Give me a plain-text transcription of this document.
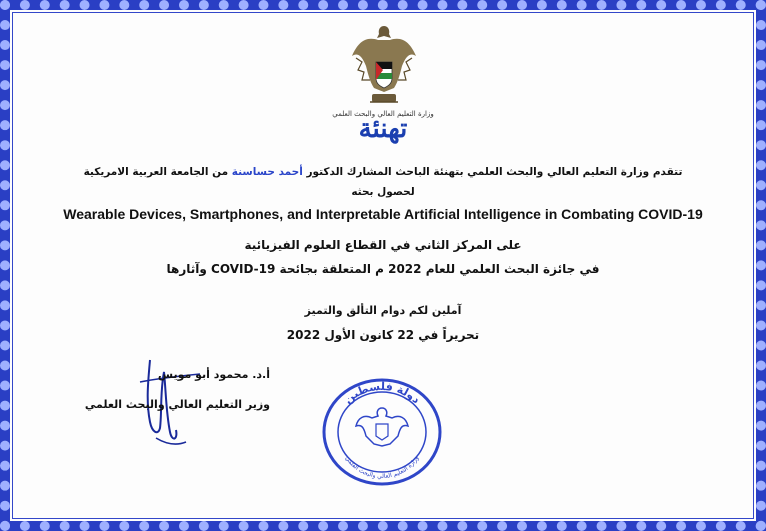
وزارة التعليم العالي والبحث العلمي
تهنئة
تتقدم وزارة التعليم العالي والبحث العلمي بتهنئة الباحث المشارك الدكتور أحمد حساسنة من الجامعة العربية الامريكية
لحصول بحثه
Wearable Devices, Smartphones, and Interpretable Artificial Intelligence in Combating COVID-19
على المركز الثاني في القطاع العلوم الفيزيائية
في جائزة البحث العلمي للعام 2022 م المتعلقة بجائحة COVID-19 وآثارها
آملين لكم دوام التألق والتميز
تحريراً في 22 كانون الأول 2022
أ.د. محمود أبو مويس
وزير التعليم العالي والبحث العلمي	دولة فلسطين
وزارة التعليم العالي والبحث العلمي
